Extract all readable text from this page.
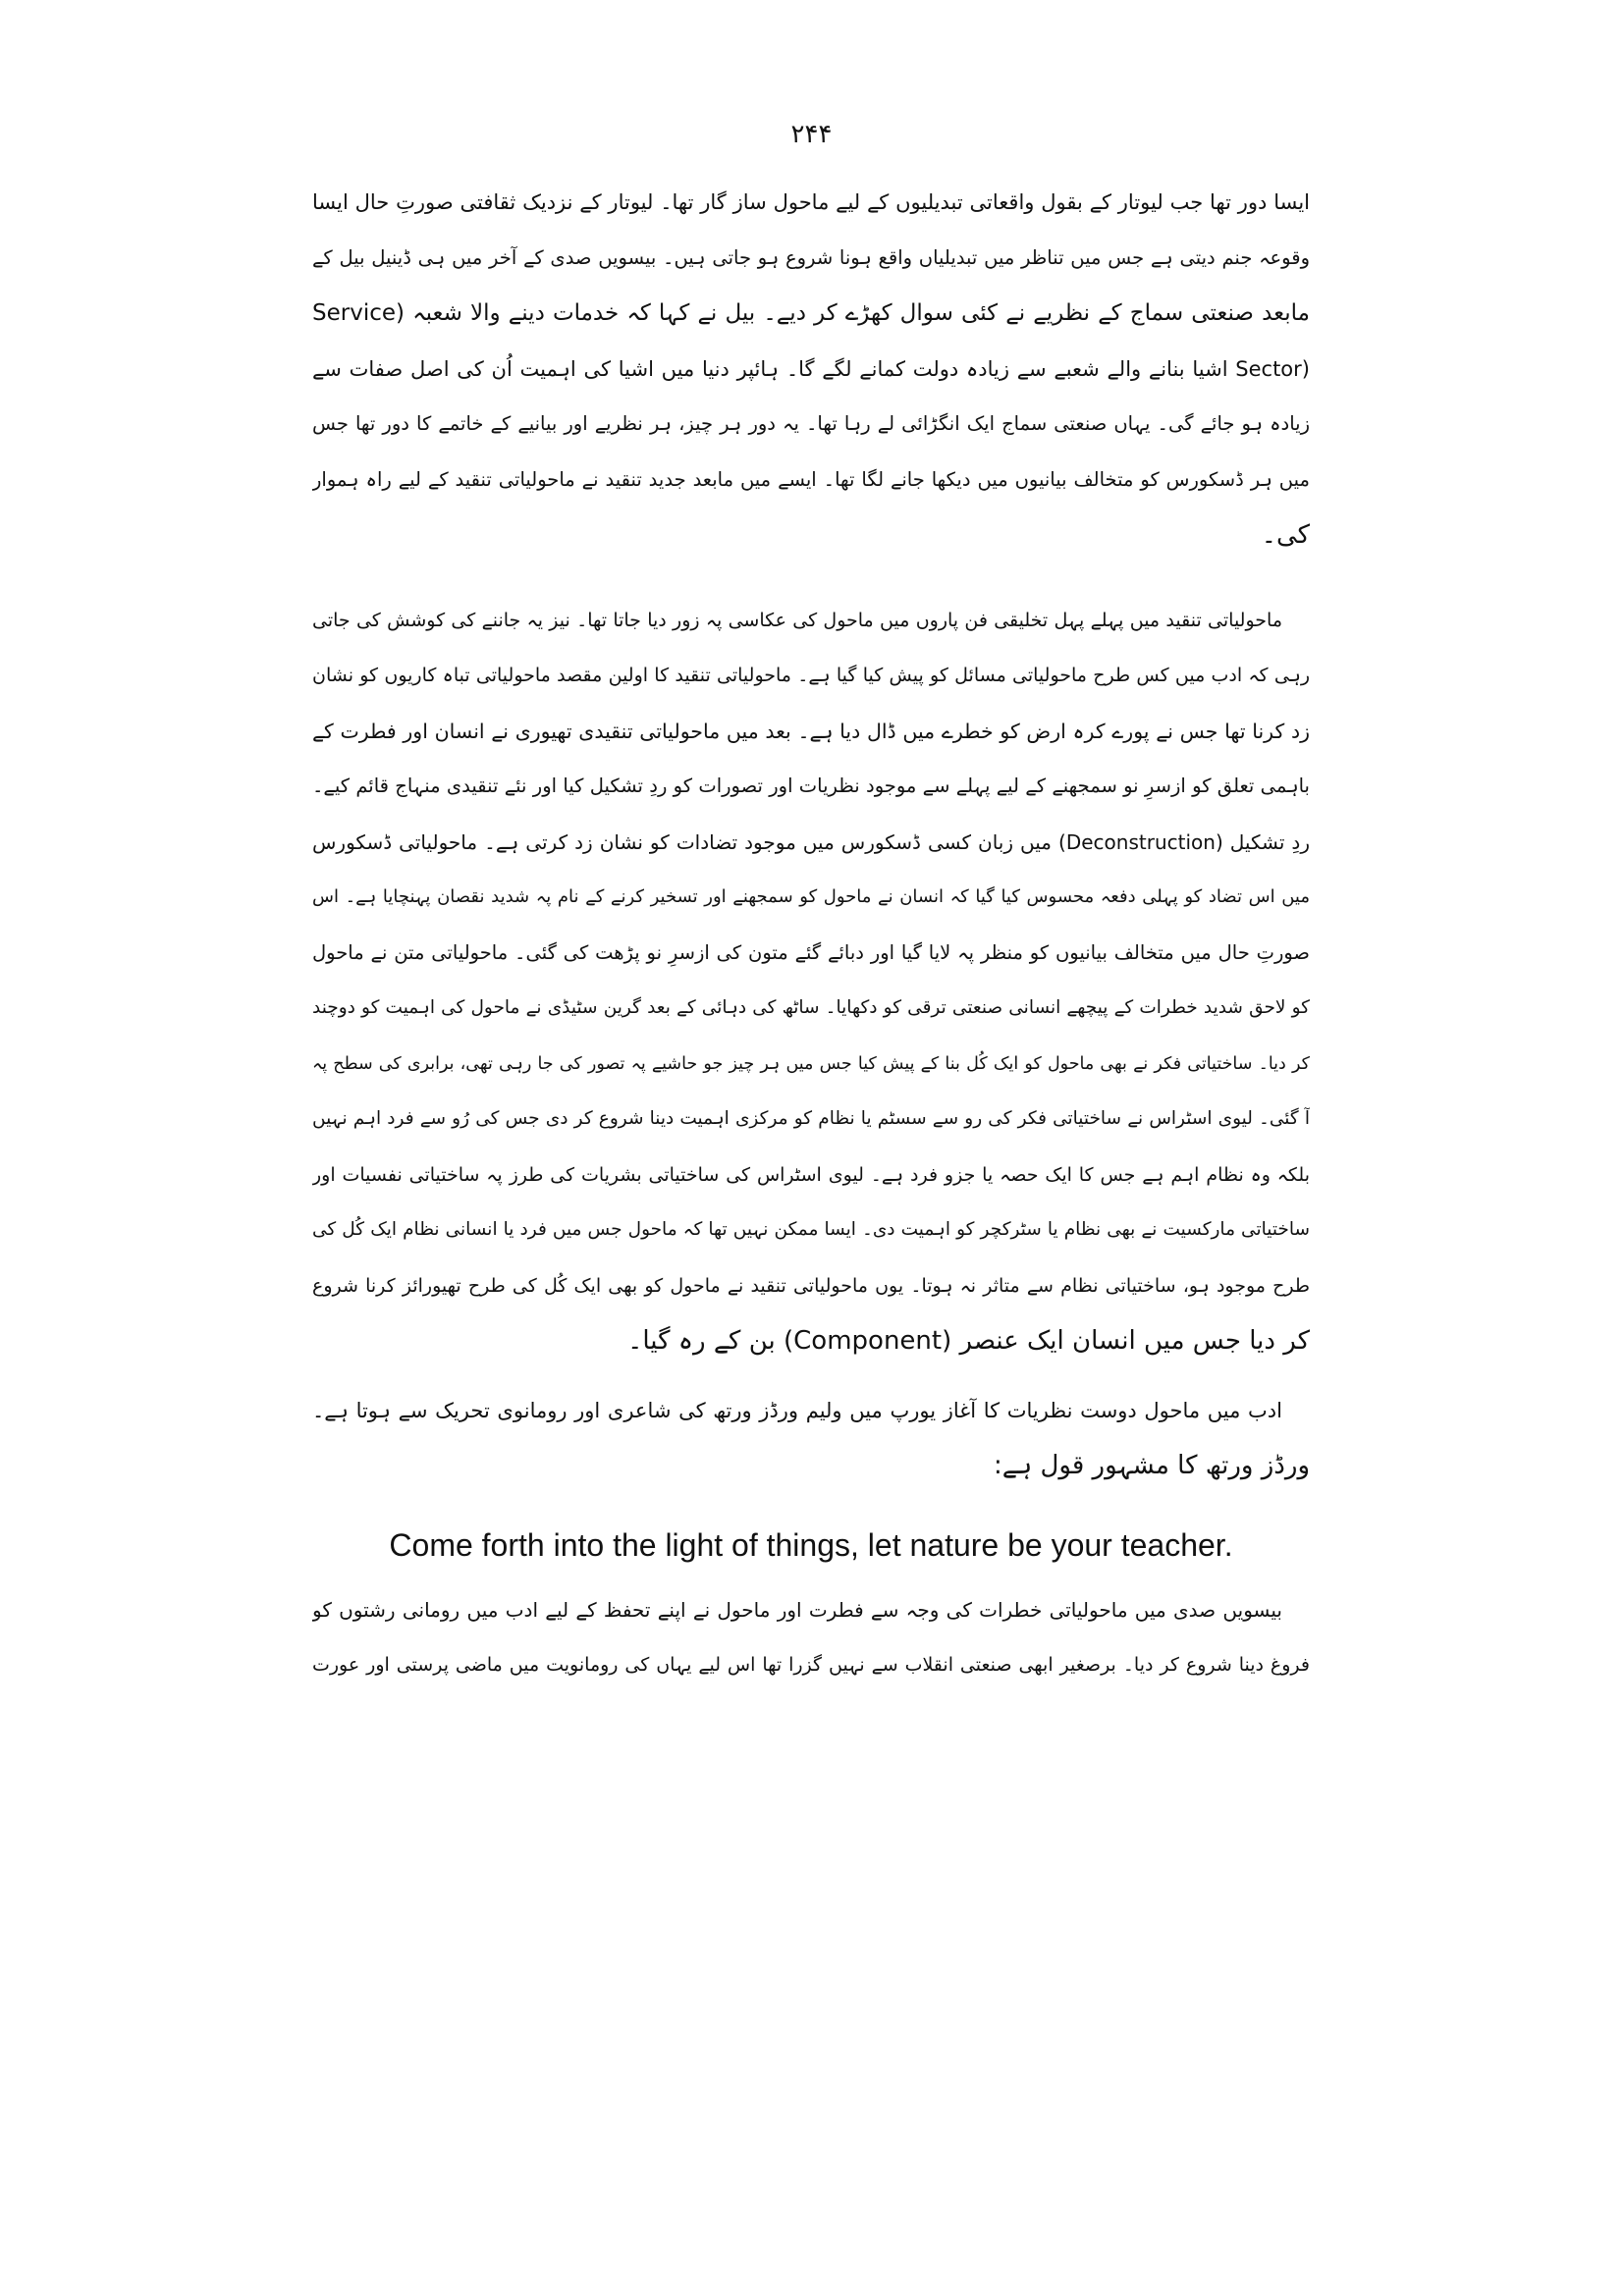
۲۴۴
ایسا دور تھا جب لیوتار کے بقول واقعاتی تبدیلیوں کے لیے ماحول ساز گار تھا۔ لیوتار کے نزدیک ثقافتی صورتِ حال ایسا
وقوعہ جنم دیتی ہے جس میں تناظر میں تبدیلیاں واقع ہونا شروع ہو جاتی ہیں۔ بیسویں صدی کے آخر میں ہی ڈینیل بیل کے
مابعد صنعتی سماج کے نظریے نے کئی سوال کھڑے کر دیے۔ بیل نے کہا کہ خدمات دینے والا شعبہ (Service
(Sector اشیا بنانے والے شعبے سے زیادہ دولت کمانے لگے گا۔ ہائپر دنیا میں اشیا کی اہمیت اُن کی اصل صفات سے
زیادہ ہو جائے گی۔ یہاں صنعتی سماج ایک انگڑائی لے رہا تھا۔ یہ دور ہر چیز، ہر نظریے اور بیانیے کے خاتمے کا دور تھا جس
میں ہر ڈسکورس کو متخالف بیانیوں میں دیکھا جانے لگا تھا۔ ایسے میں مابعد جدید تنقید نے ماحولیاتی تنقید کے لیے راہ ہموار
کی۔
ماحولیاتی تنقید میں پہلے پہل تخلیقی فن پاروں میں ماحول کی عکاسی پہ زور دیا جاتا تھا۔ نیز یہ جاننے کی کوشش کی جاتی
رہی کہ ادب میں کس طرح ماحولیاتی مسائل کو پیش کیا گیا ہے۔ ماحولیاتی تنقید کا اولین مقصد ماحولیاتی تباہ کاریوں کو نشان
زد کرنا تھا جس نے پورے کرہ ارض کو خطرے میں ڈال دیا ہے۔ بعد میں ماحولیاتی تنقیدی تھیوری نے انسان اور فطرت کے
باہمی تعلق کو ازسرِ نو سمجھنے کے لیے پہلے سے موجود نظریات اور تصورات کو ردِ تشکیل کیا اور نئے تنقیدی منہاج قائم کیے۔
ردِ تشکیل (Deconstruction) میں زبان کسی ڈسکورس میں موجود تضادات کو نشان زد کرتی ہے۔ ماحولیاتی ڈسکورس
میں اس تضاد کو پہلی دفعہ محسوس کیا گیا کہ انسان نے ماحول کو سمجھنے اور تسخیر کرنے کے نام پہ شدید نقصان پہنچایا ہے۔ اس
صورتِ حال میں متخالف بیانیوں کو منظر پہ لایا گیا اور دبائے گئے متون کی ازسرِ نو پڑھت کی گئی۔ ماحولیاتی متن نے ماحول
کو لاحق شدید خطرات کے پیچھے انسانی صنعتی ترقی کو دکھایا۔ ساٹھ کی دہائی کے بعد گرین سٹیڈی نے ماحول کی اہمیت کو دوچند
کر دیا۔ ساختیاتی فکر نے بھی ماحول کو ایک کُل بنا کے پیش کیا جس میں ہر چیز جو حاشیے پہ تصور کی جا رہی تھی، برابری کی سطح پہ
آ گئی۔ لیوی اسٹراس نے ساختیاتی فکر کی رو سے سسٹم یا نظام کو مرکزی اہمیت دینا شروع کر دی جس کی رُو سے فرد اہم نہیں
بلکہ وہ نظام اہم ہے جس کا ایک حصہ یا جزو فرد ہے۔ لیوی اسٹراس کی ساختیاتی بشریات کی طرز پہ ساختیاتی نفسیات اور
ساختیاتی مارکسیت نے بھی نظام یا سٹرکچر کو اہمیت دی۔ ایسا ممکن نہیں تھا کہ ماحول جس میں فرد یا انسانی نظام ایک کُل کی
طرح موجود ہو، ساختیاتی نظام سے متاثر نہ ہوتا۔ یوں ماحولیاتی تنقید نے ماحول کو بھی ایک کُل کی طرح تھیورائز کرنا شروع
کر دیا جس میں انسان ایک عنصر (Component) بن کے رہ گیا۔
ادب میں ماحول دوست نظریات کا آغاز یورپ میں ولیم ورڈز ورتھ کی شاعری اور رومانوی تحریک سے ہوتا ہے۔
ورڈز ورتھ کا مشہور قول ہے:
Come forth into the light of things, let nature be your teacher.
بیسویں صدی میں ماحولیاتی خطرات کی وجہ سے فطرت اور ماحول نے اپنے تحفظ کے لیے ادب میں رومانی رشتوں کو
فروغ دینا شروع کر دیا۔ برصغیر ابھی صنعتی انقلاب سے نہیں گزرا تھا اس لیے یہاں کی رومانویت میں ماضی پرستی اور عورت
